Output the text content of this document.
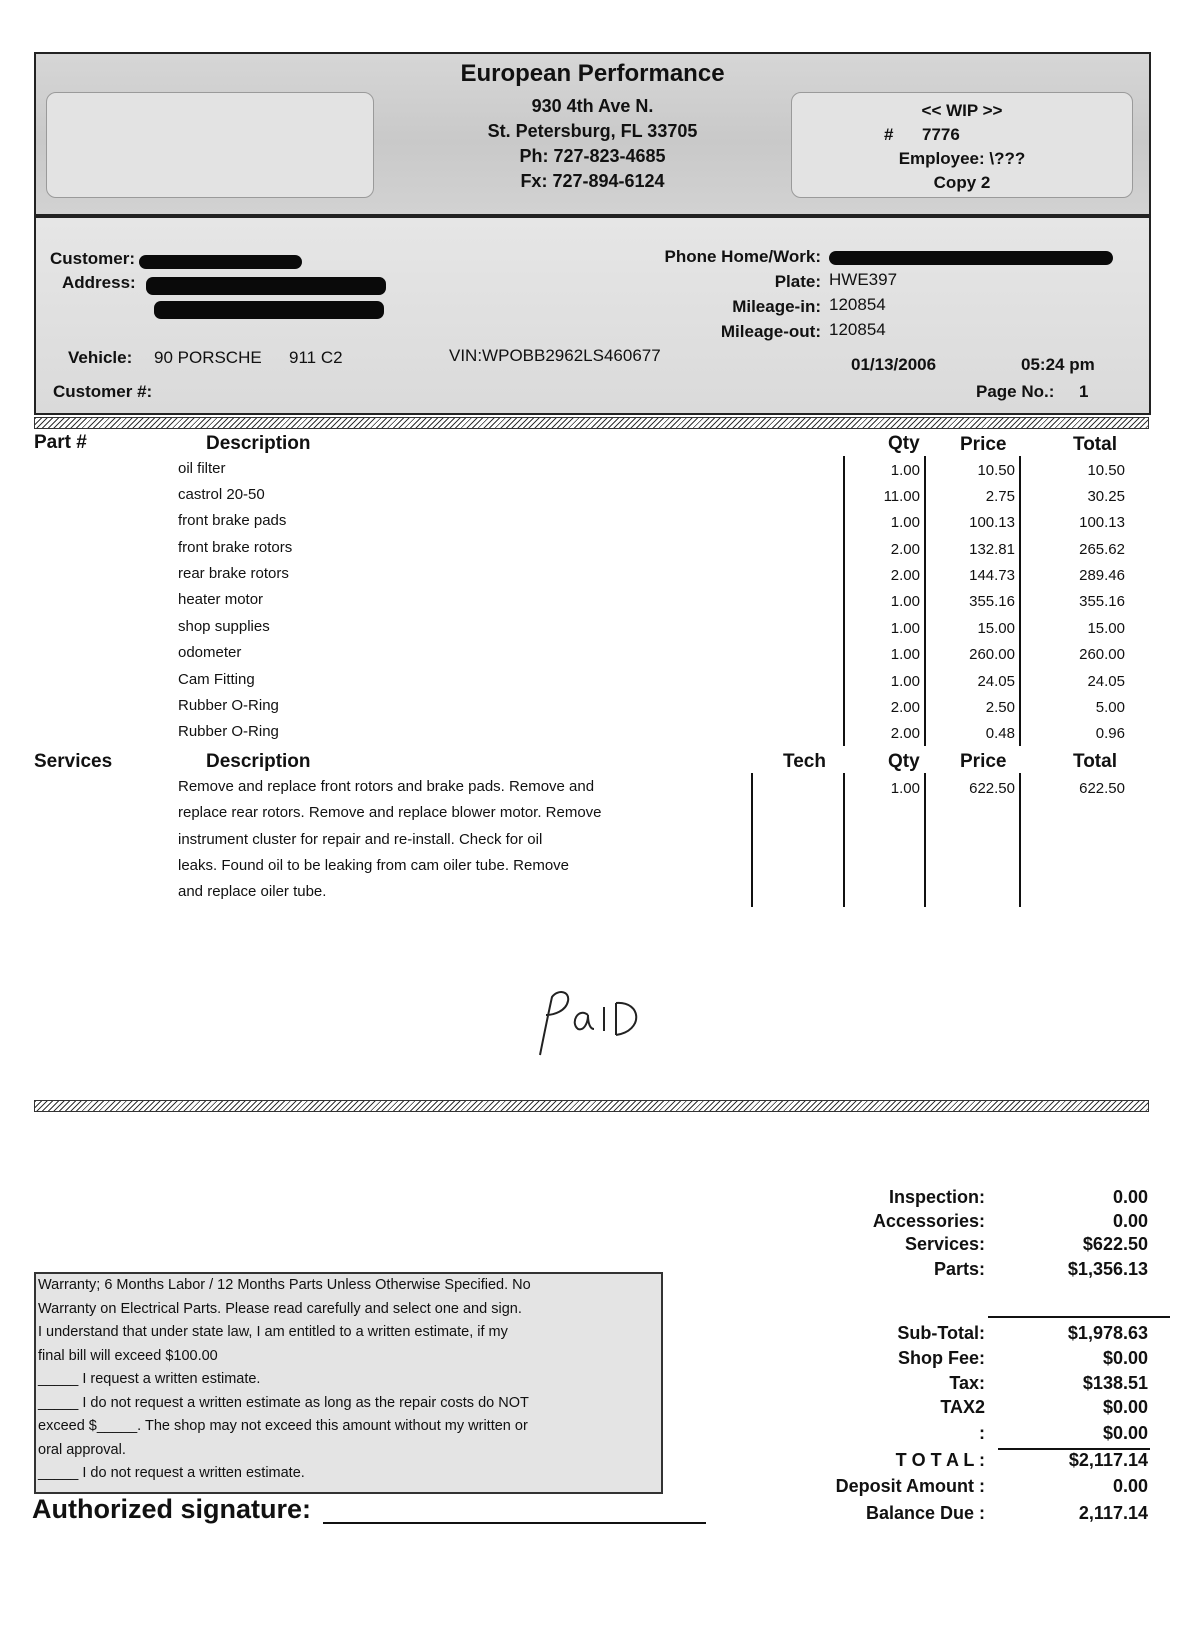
European Performance
930 4th Ave N.
St. Petersburg, FL 33705
Ph: 727-823-4685
Fx: 727-894-6124
<< WIP >>
# 7776
Employee: \???
Copy 2
Customer:
Address:
Vehicle: 90 PORSCHE 911 C2	VIN:WPOBB2962LS460677
Customer #:
Phone Home/Work:
Plate: HWE397
Mileage-in: 120854
Mileage-out: 120854
01/13/2006	05:24 pm
Page No.: 1
Part #	Description	Qty Price	Total
oil filter	1.00	10.50	10.50
castrol 20-50	11.00	2.75	30.25
front brake pads	1.00	100.13	100.13
front brake rotors	2.00	132.81	265.62
rear brake rotors	2.00	144.73	289.46
heater motor	1.00	355.16	355.16
shop supplies	1.00	15.00	15.00
odometer	1.00	260.00	260.00
Cam Fitting	1.00	24.05	24.05
Rubber O-Ring	2.00	2.50	5.00
Rubber O-Ring	2.00	0.48	0.96
Services	Description	Tech	Qty Price	Total
Remove and replace front rotors and brake pads. Remove and
replace rear rotors. Remove and replace blower motor. Remove
instrument cluster for repair and re-install. Check for oil
leaks. Found oil to be leaking from cam oiler tube. Remove
and replace oiler tube.
1.00	622.50	622.50
Inspection:	0.00
Accessories:	0.00
Services:	$622.50
Parts:	$1,356.13
Sub-Total:	$1,978.63
Shop Fee:	$0.00
Tax:	$138.51
TAX2	$0.00
:	$0.00
T O T A L :	$2,117.14
Deposit Amount :	0.00
Balance Due :	2,117.14
Warranty; 6 Months Labor / 12 Months Parts Unless Otherwise Specified. No
Warranty on Electrical Parts. Please read carefully and select one and sign.
I understand that under state law, I am entitled to a written estimate, if my
final bill will exceed $100.00
_____ I request a written estimate.
_____ I do not request a written estimate as long as the repair costs do NOT
exceed $_____. The shop may not exceed this amount without my written or
oral approval.
_____ I do not request a written estimate.
Authorized signature:
